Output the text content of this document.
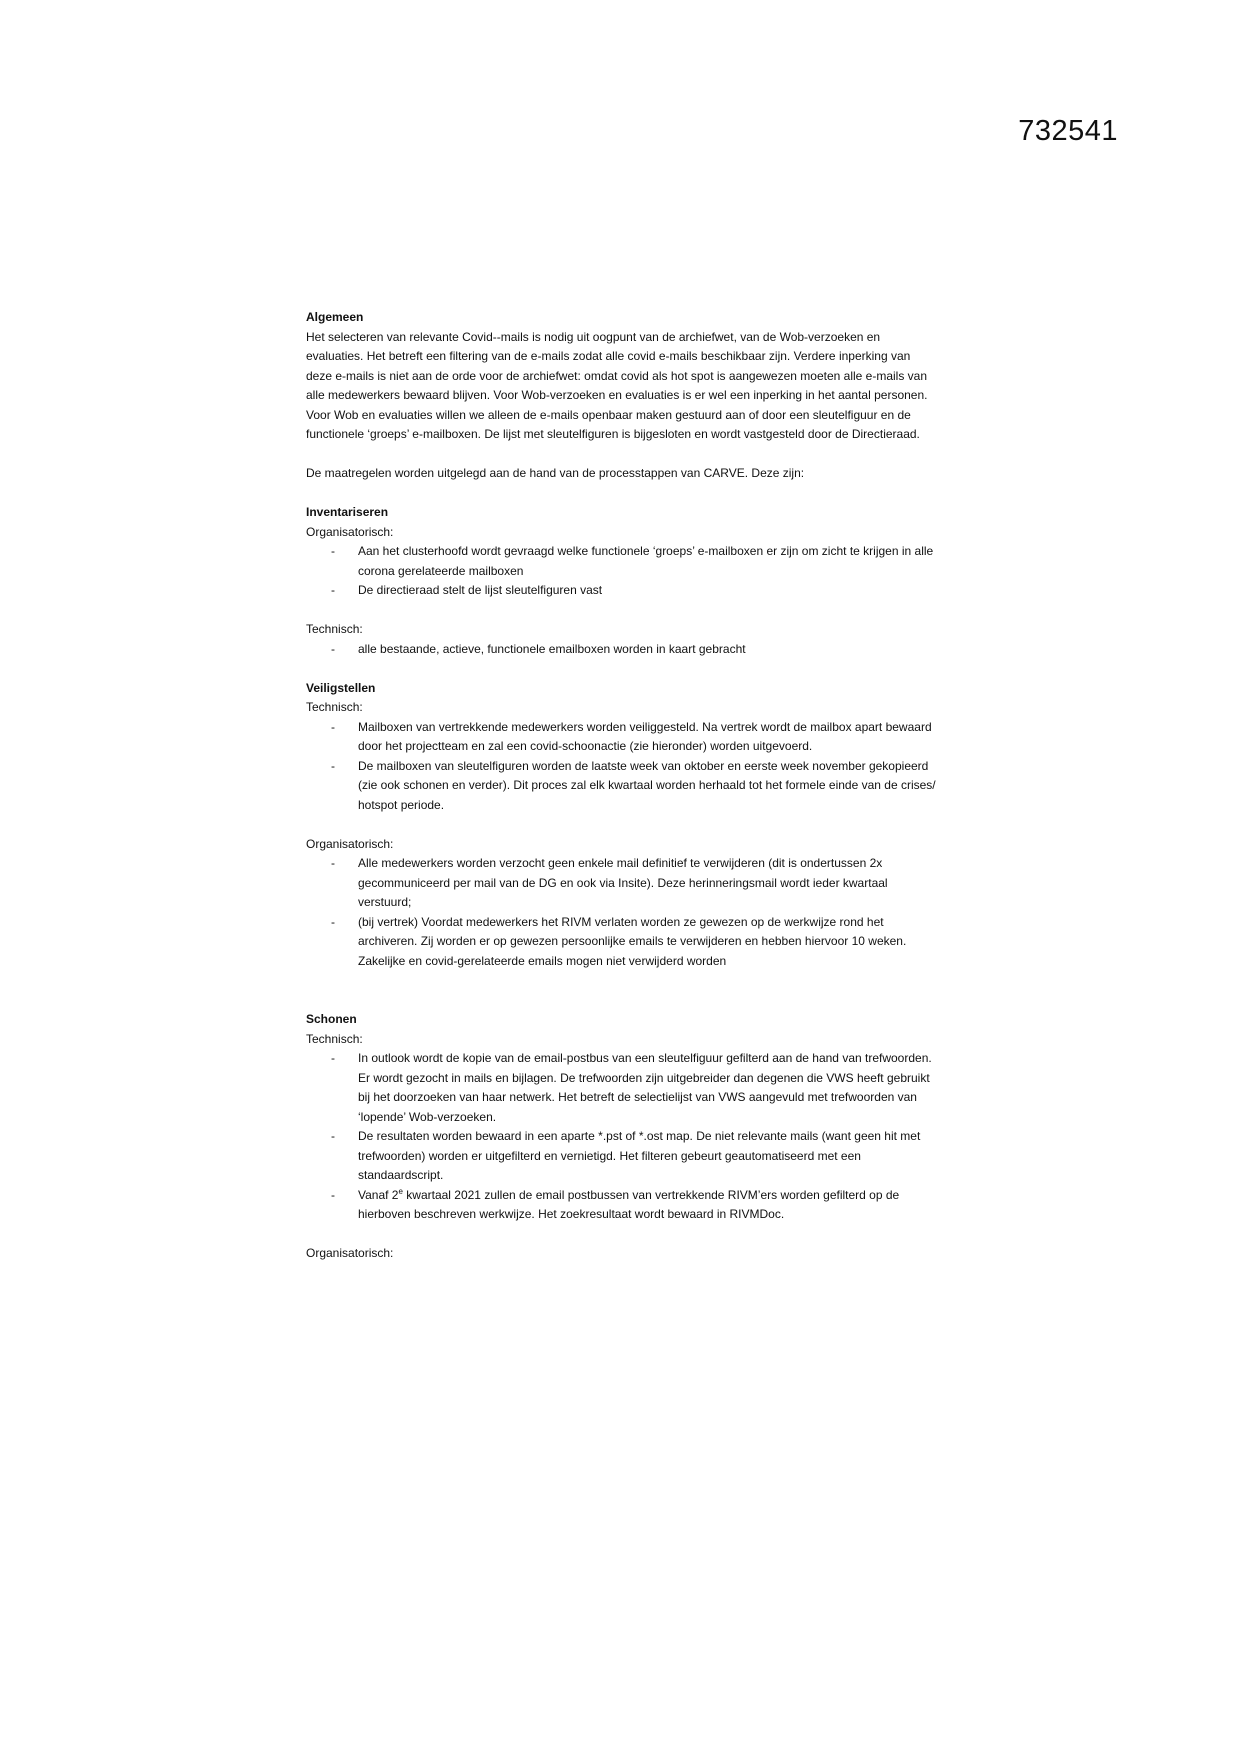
732541

Algemeen

Het selecteren van relevante Covid--mails is nodig uit oogpunt van de archiefwet, van de Wob-verzoeken en evaluaties. Het betreft een filtering van de e-mails zodat alle covid e-mails beschikbaar zijn. Verdere inperking van deze e-mails is niet aan de orde voor de archiefwet: omdat covid als hot spot is aangewezen moeten alle e-mails van alle medewerkers bewaard blijven. Voor Wob-verzoeken en evaluaties is er wel een inperking in het aantal personen. Voor Wob en evaluaties willen we alleen de e-mails openbaar maken gestuurd aan of door een sleutelfiguur en de functionele ‘groeps’ e-mailboxen. De lijst met sleutelfiguren is bijgesloten en wordt vastgesteld door de Directieraad.

De maatregelen worden uitgelegd aan de hand van de processtappen van CARVE. Deze zijn:

Inventariseren

Organisatorisch:

- Aan het clusterhoofd wordt gevraagd welke functionele ‘groeps’ e-mailboxen er zijn om zicht te krijgen in alle corona gerelateerde mailboxen
- De directieraad stelt de lijst sleutelfiguren vast

Technisch:

- alle bestaande, actieve, functionele emailboxen worden in kaart gebracht

Veiligstellen

Technisch:

- Mailboxen van vertrekkende medewerkers worden veiliggesteld. Na vertrek wordt de mailbox apart bewaard door het projectteam en zal een covid-schoonactie (zie hieronder) worden uitgevoerd.
- De mailboxen van sleutelfiguren worden de laatste week van oktober en eerste week november gekopieerd (zie ook schonen en verder). Dit proces zal elk kwartaal worden herhaald tot het formele einde van de crises/ hotspot periode.

Organisatorisch:

- Alle medewerkers worden verzocht geen enkele mail definitief te verwijderen (dit is ondertussen 2x gecommuniceerd per mail van de DG en ook via Insite). Deze herinneringsmail wordt ieder kwartaal verstuurd;
- (bij vertrek) Voordat medewerkers het RIVM verlaten worden ze gewezen op de werkwijze rond het archiveren. Zij worden er op gewezen persoonlijke emails te verwijderen en hebben hiervoor 10 weken. Zakelijke en covid-gerelateerde emails mogen niet verwijderd worden

Schonen

Technisch:

- In outlook wordt de kopie van de email-postbus van een sleutelfiguur gefilterd aan de hand van trefwoorden. Er wordt gezocht in mails en bijlagen. De trefwoorden zijn uitgebreider dan degenen die VWS heeft gebruikt bij het doorzoeken van haar netwerk. Het betreft de selectielijst van VWS aangevuld met trefwoorden van ‘lopende’ Wob-verzoeken.
- De resultaten worden bewaard in een aparte *.pst of *.ost map. De niet relevante mails (want geen hit met trefwoorden) worden er uitgefilterd en vernietigd. Het filteren gebeurt geautomatiseerd met een standaardscript.
- Vanaf 2e kwartaal 2021 zullen de email postbussen van vertrekkende RIVM’ers worden gefilterd op de hierboven beschreven werkwijze. Het zoekresultaat wordt bewaard in RIVMDoc.

Organisatorisch:
